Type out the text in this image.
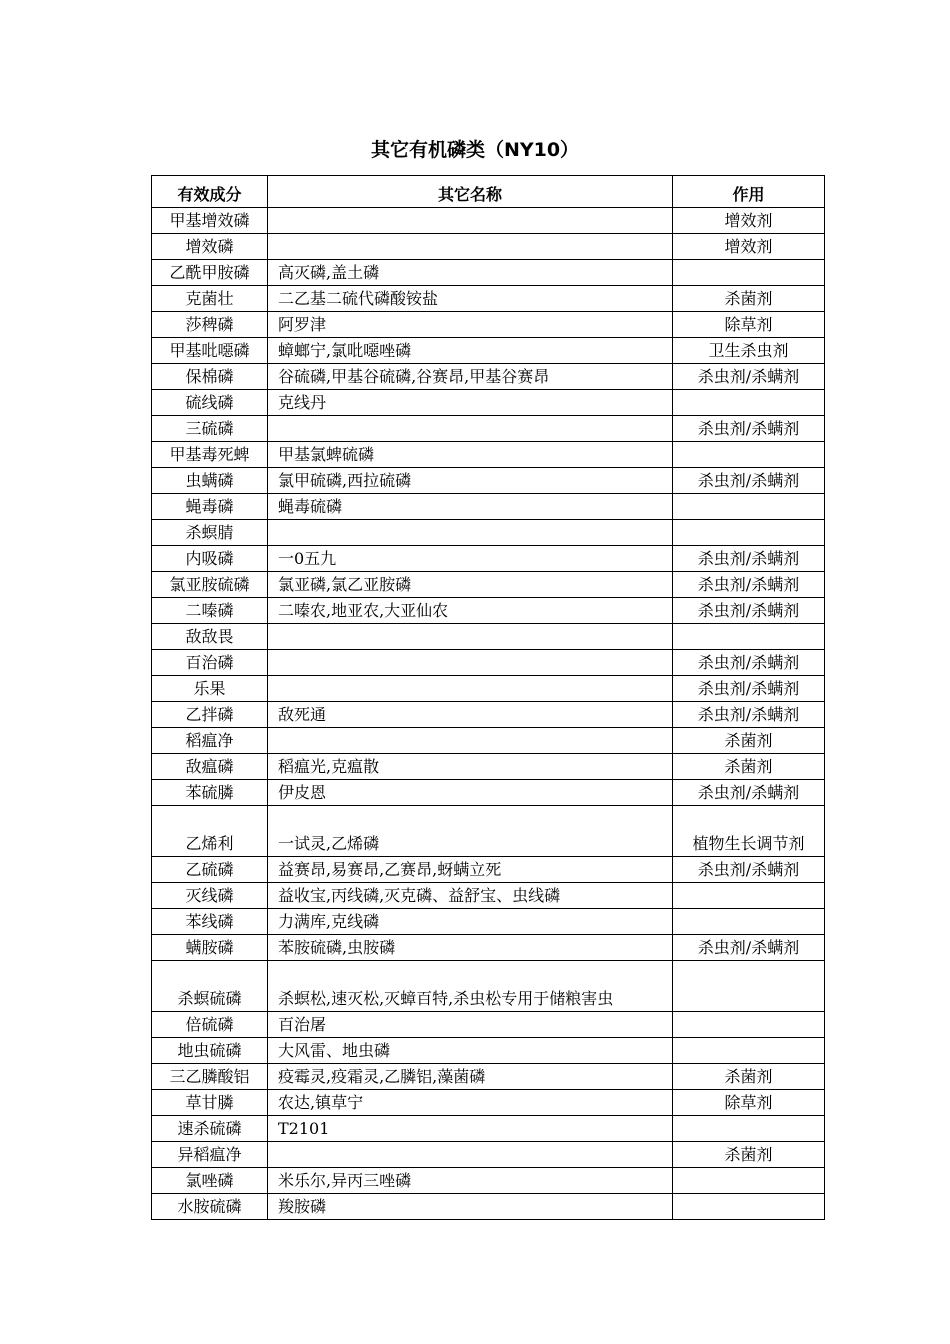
其它有机磷类（NY10）
有效成分	其它名称	作用
甲基增效磷		增效剂
增效磷		增效剂
乙酰甲胺磷	高灭磷,盖土磷	
克菌壮	二乙基二硫代磷酸铵盐	杀菌剂
莎稗磷	阿罗津	除草剂
甲基吡噁磷	蟑螂宁,氯吡噁唑磷	卫生杀虫剂
保棉磷	谷硫磷,甲基谷硫磷,谷赛昂,甲基谷赛昂	杀虫剂/杀螨剂
硫线磷	克线丹	
三硫磷		杀虫剂/杀螨剂
甲基毒死蜱	甲基氯蜱硫磷	
虫螨磷	氯甲硫磷,西拉硫磷	杀虫剂/杀螨剂
蝇毒磷	蝇毒硫磷	
杀螟腈		
内吸磷	一0五九	杀虫剂/杀螨剂
氯亚胺硫磷	氯亚磷,氯乙亚胺磷	杀虫剂/杀螨剂
二嗪磷	二嗪农,地亚农,大亚仙农	杀虫剂/杀螨剂
敌敌畏		
百治磷		杀虫剂/杀螨剂
乐果		杀虫剂/杀螨剂
乙拌磷	敌死通	杀虫剂/杀螨剂
稻瘟净		杀菌剂
敌瘟磷	稻瘟光,克瘟散	杀菌剂
苯硫膦	伊皮恩	杀虫剂/杀螨剂
乙烯利	一试灵,乙烯磷	植物生长调节剂
乙硫磷	益赛昂,易赛昂,乙赛昂,蚜螨立死	杀虫剂/杀螨剂
灭线磷	益收宝,丙线磷,灭克磷、益舒宝、虫线磷	
苯线磷	力满库,克线磷	
螨胺磷	苯胺硫磷,虫胺磷	杀虫剂/杀螨剂
杀螟硫磷	杀螟松,速灭松,灭蟑百特,杀虫松专用于储粮害虫	
倍硫磷	百治屠	
地虫硫磷	大风雷、地虫磷	
三乙膦酸铝	疫霉灵,疫霜灵,乙膦铝,藻菌磷	杀菌剂
草甘膦	农达,镇草宁	除草剂
速杀硫磷	T2101	
异稻瘟净		杀菌剂
氯唑磷	米乐尔,异丙三唑磷	
水胺硫磷	羧胺磷	
